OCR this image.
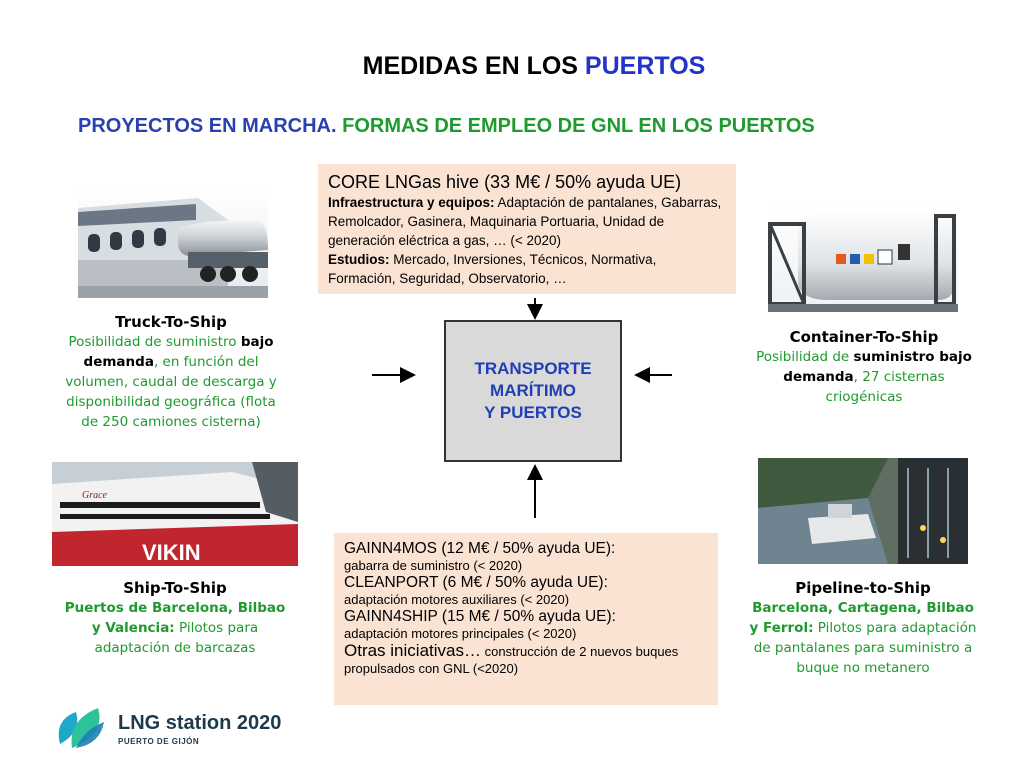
MEDIDAS EN LOS PUERTOS
PROYECTOS EN MARCHA. FORMAS DE EMPLEO DE GNL EN LOS PUERTOS
CORE LNGas hive (33 M€ / 50% ayuda UE)
Infraestructura y equipos: Adaptación de pantalanes, Gabarras, Remolcador, Gasinera, Maquinaria Portuaria, Unidad de generación eléctrica a gas, … (< 2020)
Estudios: Mercado, Inversiones, Técnicos, Normativa, Formación, Seguridad, Observatorio, …
TRANSPORTE
MARÍTIMO
Y PUERTOS
GAINN4MOS (12 M€ / 50% ayuda UE):
gabarra de suministro (< 2020)
CLEANPORT (6 M€ / 50% ayuda UE):
adaptación motores auxiliares (< 2020)
GAINN4SHIP (15 M€ / 50% ayuda UE):
adaptación motores principales (< 2020)
Otras iniciativas… construcción de 2 nuevos buques propulsados con GNL (<2020)
VIKIN
Grace
Truck-To-Ship
Posibilidad de suministro bajo demanda, en función del volumen, caudal de descarga y disponibilidad geográfica (flota de 250 camiones cisterna)
Container-To-Ship
Posibilidad de suministro bajo demanda, 27 cisternas criogénicas
Ship-To-Ship
Puertos de Barcelona, Bilbao y Valencia: Pilotos para adaptación de barcazas
Pipeline-to-Ship
Barcelona, Cartagena, Bilbao y Ferrol: Pilotos para adaptación de pantalanes para suministro a buque no metanero
LNG station 2020
PUERTO DE GIJÓN
